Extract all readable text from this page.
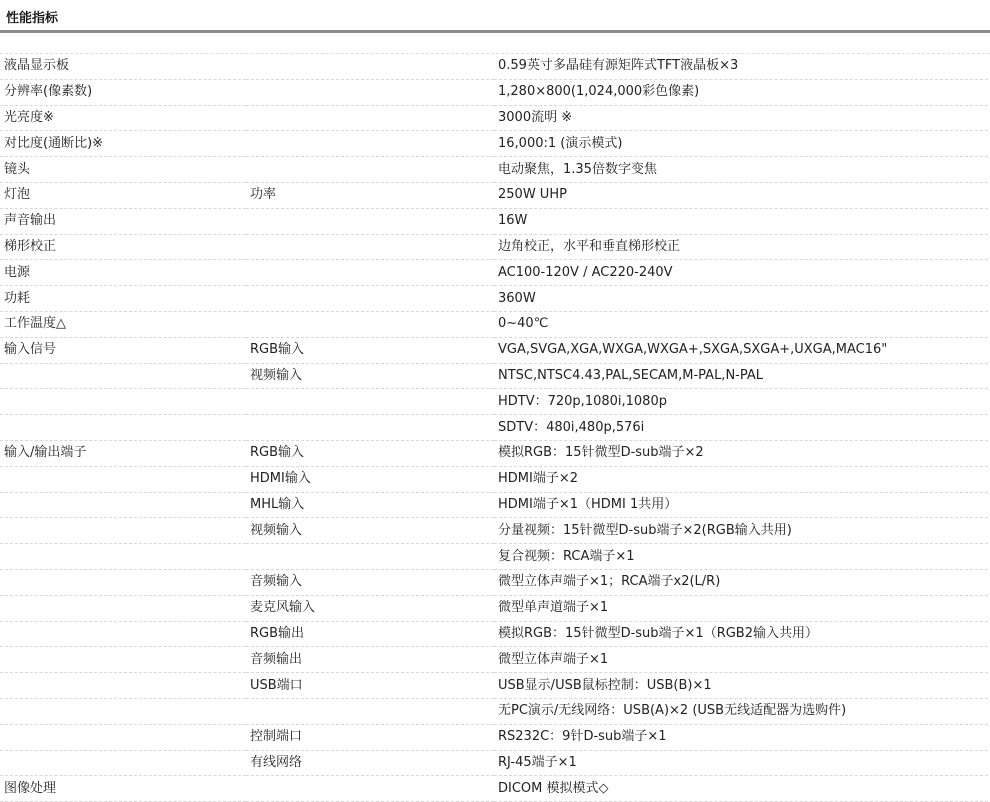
性能指标
液晶显示板		0.59英寸多晶硅有源矩阵式TFT液晶板×3
分辨率(像素数)		1,280×800(1,024,000彩色像素)
光亮度※		3000流明 ※
对比度(通断比)※		16,000:1 (演示模式)
镜头		电动聚焦，1.35倍数字变焦
灯泡	功率	250W UHP
声音输出		16W
梯形校正		边角校正，水平和垂直梯形校正
电源		AC100-120V / AC220-240V
功耗		360W
工作温度△		0~40℃
输入信号	RGB输入	VGA,SVGA,XGA,WXGA,WXGA+,SXGA,SXGA+,UXGA,MAC16"
	视频输入	NTSC,NTSC4.43,PAL,SECAM,M-PAL,N-PAL
		HDTV：720p,1080i,1080p
		SDTV：480i,480p,576i
输入/输出端子	RGB输入	模拟RGB：15针微型D-sub端子×2
	HDMI输入	HDMI端子×2
	MHL输入	HDMI端子×1（HDMI 1共用）
	视频输入	分量视频：15针微型D-sub端子×2(RGB输入共用)
		复合视频：RCA端子×1
	音频输入	微型立体声端子×1；RCA端子x2(L/R)
	麦克风输入	微型单声道端子×1
	RGB输出	模拟RGB：15针微型D-sub端子×1（RGB2输入共用）
	音频输出	微型立体声端子×1
	USB端口	USB显示/USB鼠标控制：USB(B)×1
		无PC演示/无线网络：USB(A)×2 (USB无线适配器为选购件)
	控制端口	RS232C：9针D-sub端子×1
	有线网络	RJ-45端子×1
图像处理		DICOM 模拟模式◇
